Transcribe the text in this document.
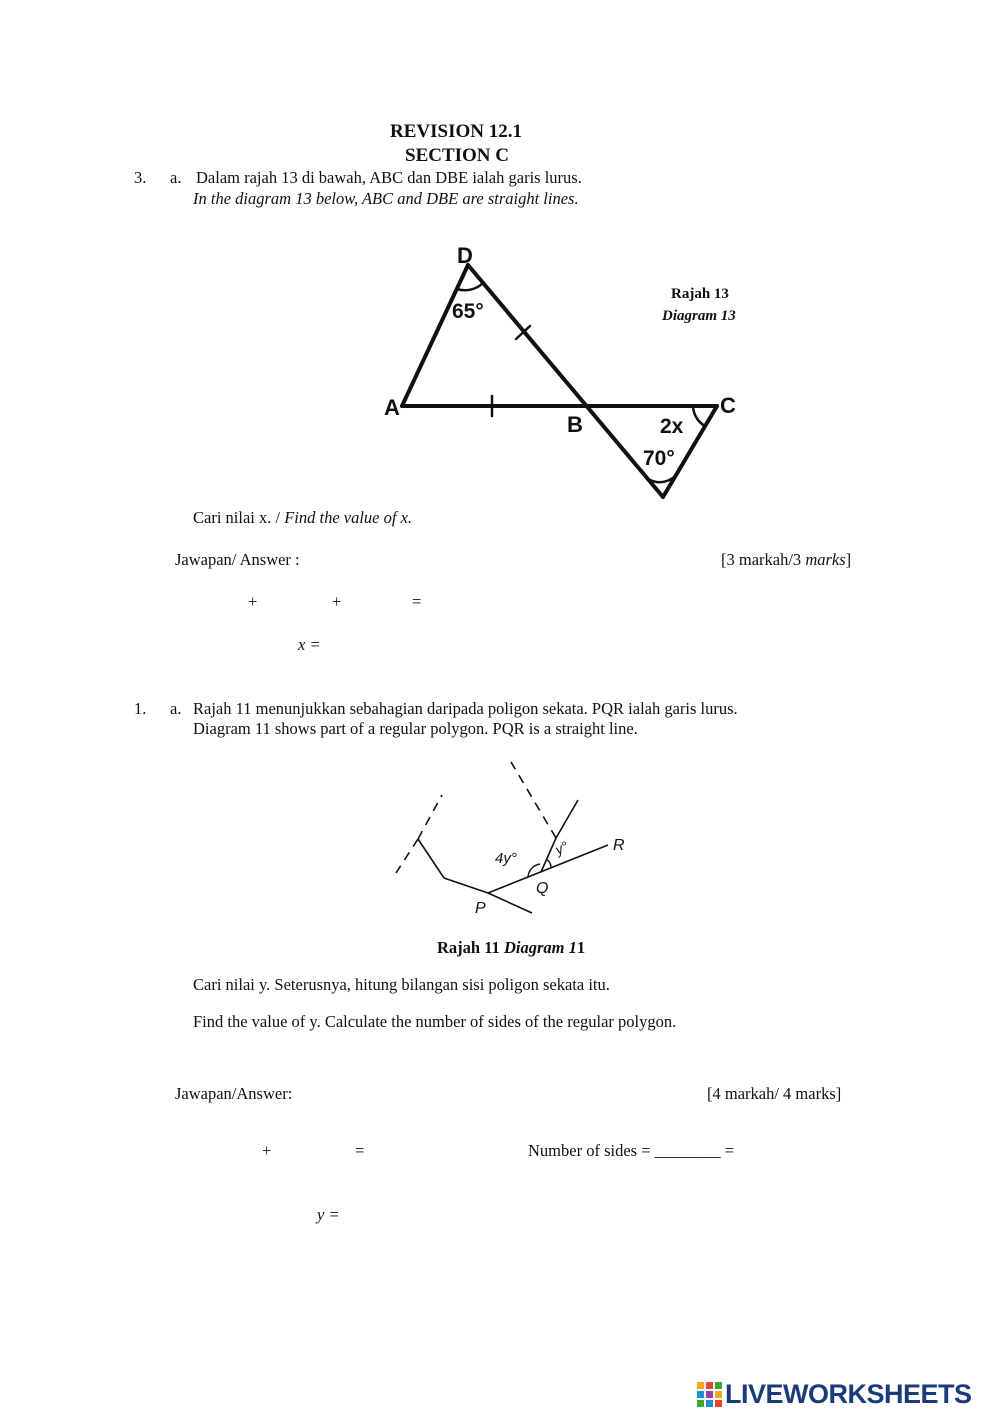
REVISION 12.1
SECTION C
3. a. Dalam rajah 13 di bawah, ABC dan DBE ialah garis lurus.
In the diagram 13 below, ABC and DBE are straight lines.
D
A
B
C
65°
2x
70°
Rajah 13
Diagram 13
Cari nilai x. / Find the value of x.
Jawapan/ Answer :	[3 markah/3 marks]
+	+	=
x =
1. a. Rajah 11 menunjukkan sebahagian daripada poligon sekata. PQR ialah garis lurus.
Diagram 11 shows part of a regular polygon. PQR is a straight line.
4y°
y°	R
Q
P
Rajah 11 Diagram 11
Cari nilai y. Seterusnya, hitung bilangan sisi poligon sekata itu.
Find the value of y. Calculate the number of sides of the regular polygon.
Jawapan/Answer:	[4 markah/ 4 marks]
+	=	Number of sides = ________ =
y =
LIVEWORKSHEETS
